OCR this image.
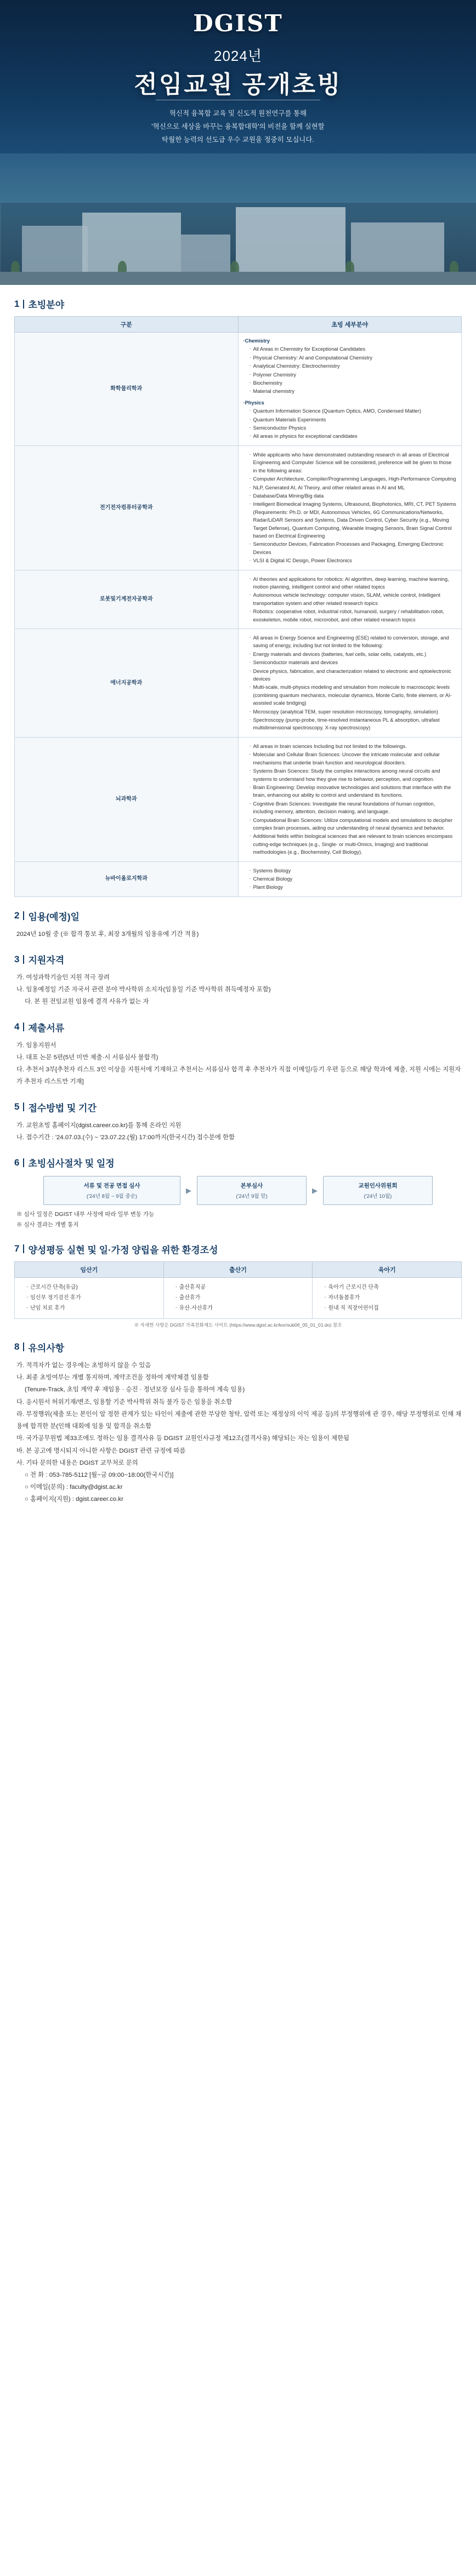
DGIST
2024년
전임교원 공개초빙
혁신적 융복합 교육 및 신도적 원천연구를 통해
'혁신으로 세상을 바꾸는 융복합대학'의 비전을 함께 실현할
탁월한 능력의 선도급 우수 교원을 정중히 모십니다.
1 초빙분야
구분	초빙 세부분야
화학물리학과	
·Chemistry
· All Areas in Chemistry for Exceptional Candidates
· Physical Chemistry: AI and Computational Chemistry
· Analytical Chemistry: Electrochemistry
· Polymer Chemistry
· Biochemistry
· Material chemistry
·Physics
· Quantum Information Science (Quantum Optics, AMO, Condensed Matter)
· Quantum Materials Experiments
· Semiconductor Physics
· All areas in physics for exceptional candidates

전기전자컴퓨터공학과	
· While applicants who have demonstrated outstanding research in all areas of Electrical Engineering and Computer Science will be considered, preference will be given to those in the following areas:
· Computer Architecture, Compiler/Programming Languages, High-Performance Computing
· NLP, Generated AI, AI Theory, and other related areas in AI and ML
· Database/Data Mining/Big data
· Intelligent Biomedical Imaging Systems, Ultrasound, Biophotonics, MRI, CT, PET Systems (Requirements: Ph.D. or MDI, Autonomous Vehicles, 6G Communications/Networks, Radar/LiDAR Sensors and Systems, Data Driven Control, Cyber Security (e.g., Moving Target Defense), Quantum Computing, Wearable Imaging Sensors, Brain Signal Control based on Electrical Engineering
· Semiconductor Devices, Fabrication Processes and Packaging, Emerging Electronic Devices
· VLSI & Digital IC Design, Power Electronics

로봇및기계전자공학과	
· AI theories and applications for robotics: AI algorithm, deep learning, machine learning, motion planning, intelligent control and other related topics
· Autonomous vehicle technology: computer vision, SLAM, vehicle control, Intelligent transportation system and other related research topics
· Robotics: cooperative robot, industrial robot, humanoid, surgery / rehabilitation robot, exoskeleton, mobile robot, microrobot, and other related research topics

에너지공학과	
· All areas in Energy Science and Engineering (ESE) related to conversion, storage, and saving of energy, including but not limited to the following:
· Energy materials and devices (batteries, fuel cells, solar cells, catalysts, etc.)
· Semiconductor materials and devices
· Device physics, fabrication, and characterization related to electronic and optoelectronic devices
· Multi-scale, multi-physics modeling and simulation from molecule to macroscopic levels (combining quantum mechanics, molecular dynamics, Monte Carlo, finite element, or AI-assisted scale bridging)
· Microscopy (analytical TEM, super resolution microscopy, tomography, simulation)
· Spectroscopy (pump-probe, time-resolved instantaneous PL & absorption, ultrafast multidimensional spectroscopy, X-ray spectroscopy)

뇌과학과	
· All areas in brain sciences Including but not limited to the followings.
· Molecular and Cellular Brain Sciences: Uncover the intricate molecular and cellular mechanisms that underlie brain function and neurological disorders.
· Systems Brain Sciences: Study the complex interactions among neural circuits and systems to understand how they give rise to behavior, perception, and cognition.
· Brain Engineering: Develop innovative technologies and solutions that interface with the brain, enhancing our ability to control and understand its functions.
· Cognitive Brain Sciences: Investigate the neural foundations of human cognition, including memory, attention, decision making, and language.
· Computational Brain Sciences: Utilize computational models and simulations to decipher complex brain processes, aiding our understanding of neural dynamics and behavior.
· Additional fields within biological sciences that are relevant to brain sciences encompass cutting-edge techniques (e.g., Single- or multi-Omics, Imaging) and traditional methodologies (e.g., Biochemistry, Cell Biology).

뉴바이올로지학과	
· Systems Biology
· Chemical Biology
· Plant Biology
2 임용(예정)일
2024년 10월 중 (※ 합격 통보 후, 최장 3개월의 임용유예 기간 적용)
3 지원자격
가. 여성과학기술인 지원 적극 장려
나. 임용예정일 기준 자국서 관련 분야 박사학위 소지자(임용일 기준 박사학위 취득예정자 포함)
다. 본 원 전임교원 임용에 결격 사유가 없는 자
4 제출서류
가. 임용지원서
나. 대표 논문 5편(5년 미만 제출·시 서류심사 불합격)
다. 추천서 3부[추천자 리스트 3인 이상을 지원서에 기재하고 추천서는 서류심사 합격 후 추천자가 직접 이메일/등기 우편 등으로 해당 학과에 제출, 지원 시에는 지원자가 추천자 리스트만 기재]
5 접수방법 및 기간
가. 교원초빙 홈페이지(dgist.career.co.kr)를 통해 온라인 지원
나. 접수기간 : '24.07.03.(수) ~ '23.07.22.(월) 17:00까지(한국시간) 접수분에 한함
6 초빙심사절차 및 일정
서류 및 전공 면접 심사
('24년 8월 ~ 9월 중순)
▶
본부심사
('24년 9월 말)
▶
교원인사위원회
('24년 10월)
※ 심사 일정은 DGIST 내부 사정에 따라 일부 변동 가능
※ 심사 결과는 개별 통지
7 양성평등 실현 및 일·가정 양립을 위한 환경조성
임산기	출산기	육아기

· 근로시간 단축(유급)
· 임신부 정기검진 휴가
· 난임 치료 휴가

· 출산휴직공
· 출산휴가
· 유산·사산휴가

· 육아기 근로시간 단축
· 자녀돌봄휴가
· 원내 직 직장어린이집
※ 자세한 사항은 DGIST 가족친화제도 사이트 (https://www.dgist.ac.kr/kor/sub06_05_01_01.do) 참조
8 유의사항
가. 적격자가 없는 경우에는 초빙하지 않을 수 있음
나. 최종 초빙여부는 개별 통지하며, 계약조건을 정하여 계약체결 임용함
(Tenure-Track, 초임 계약 후 재임용 · 승진 · 정년보장 심사 등을 통하여 계속 임용)
다. 응시원서 허위기재/변조, 임용할 기준 박사학위 취득 불가 등은 임용을 취소함
라. 부정행위(제출 또는 본인이 알 정한 관계가 있는 타인이 제출에 관한 부당한 청탁, 압력 또는 재정상의 이익 제공 등)의 부정행위에 관 경우, 해당 부정행위로 인해 채용에 합격한 분(인해 대회에 임용 및 합격을 취소함
마. 국가공무원법 제33조에도 정하는 임용 결격사유 등 DGIST 교원인사규정 제12조(결격사유) 해당되는 자는 임용이 제한됨
바. 본 공고에 명시되지 아니한 사항은 DGIST 관련 규정에 따름
사. 기타 문의한 내용은 DGIST 교무처로 문의
○ 전 화 : 053-785-5112 [월~금 09:00~18:00(한국시간)]
○ 이메일(문의) : faculty@dgist.ac.kr
○ 홈페이지(지원) : dgist.career.co.kr
